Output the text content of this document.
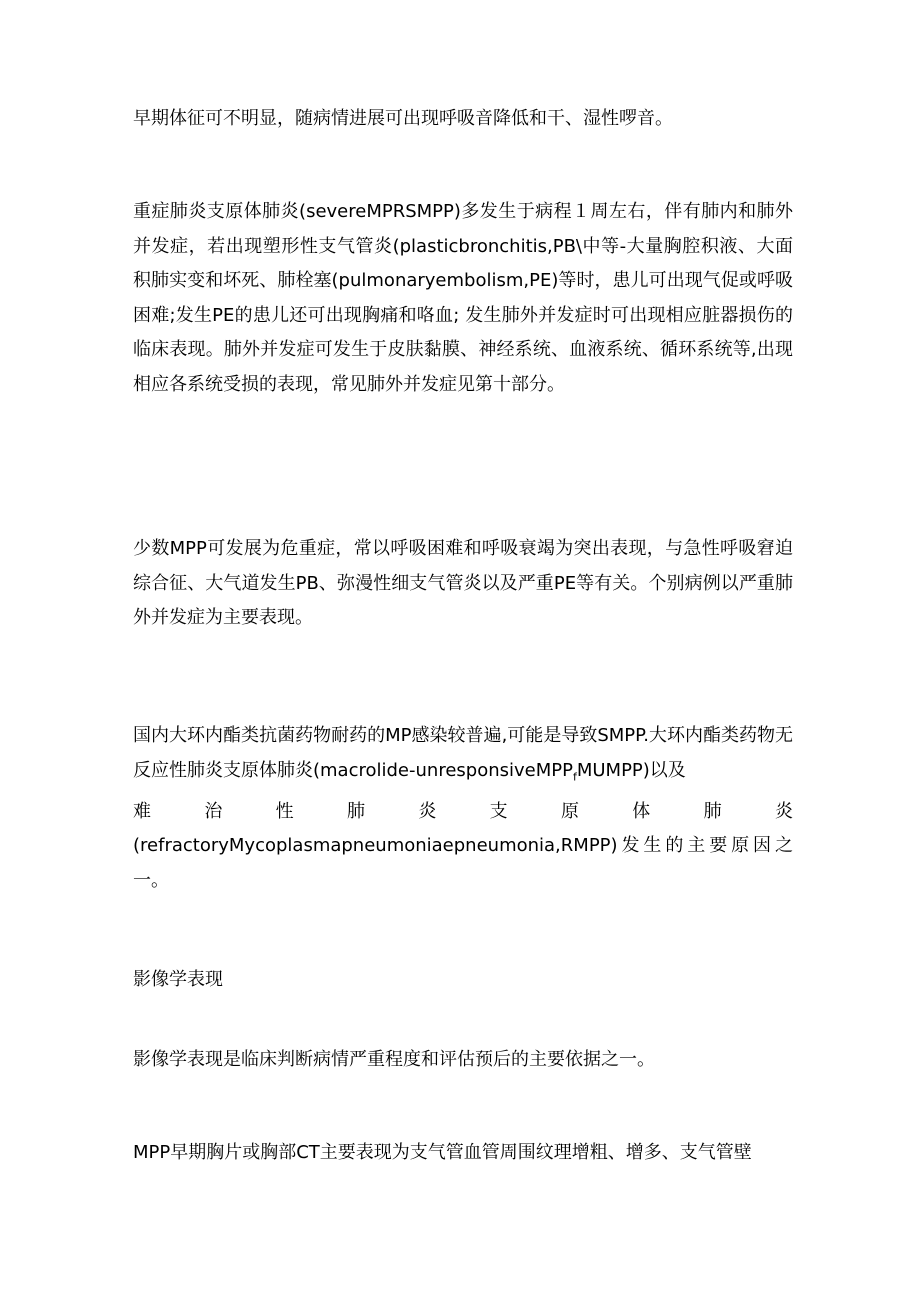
早期体征可不明显，随病情进展可出现呼吸音降低和干、湿性啰音。

重症肺炎支原体肺炎(severeMPRSMPP)多发生于病程１周左右，伴有肺内和肺外并发症，若出现塑形性支气管炎(plasticbronchitis,PB\中等-大量胸腔积液、大面积肺实变和坏死、肺栓塞(pulmonaryembolism,PE)等时，患儿可出现气促或呼吸困难;发生PE的患儿还可出现胸痛和咯血; 发生肺外并发症时可出现相应脏器损伤的临床表现。肺外并发症可发生于皮肤黏膜、神经系统、血液系统、循环系统等,出现相应各系统受损的表现，常见肺外并发症见第十部分。

少数MPP可发展为危重症，常以呼吸困难和呼吸衰竭为突出表现，与急性呼吸窘迫综合征、大气道发生PB、弥漫性细支气管炎以及严重PE等有关。个别病例以严重肺外并发症为主要表现。

国内大环内酯类抗菌药物耐药的MP感染较普遍,可能是导致SMPP.大环内酯类药物无反应性肺炎支原体肺炎(macrolide-unresponsiveMPP$_f$MUMPP)以及
难	治	性	肺	炎	支	原	体	肺	炎
(refractoryMycoplasmapneumoniaepneumonia,RMPP)发生的主要原因之一。

影像学表现

影像学表现是临床判断病情严重程度和评估预后的主要依据之一。

MPP早期胸片或胸部CT主要表现为支气管血管周围纹理增粗、增多、支气管壁
